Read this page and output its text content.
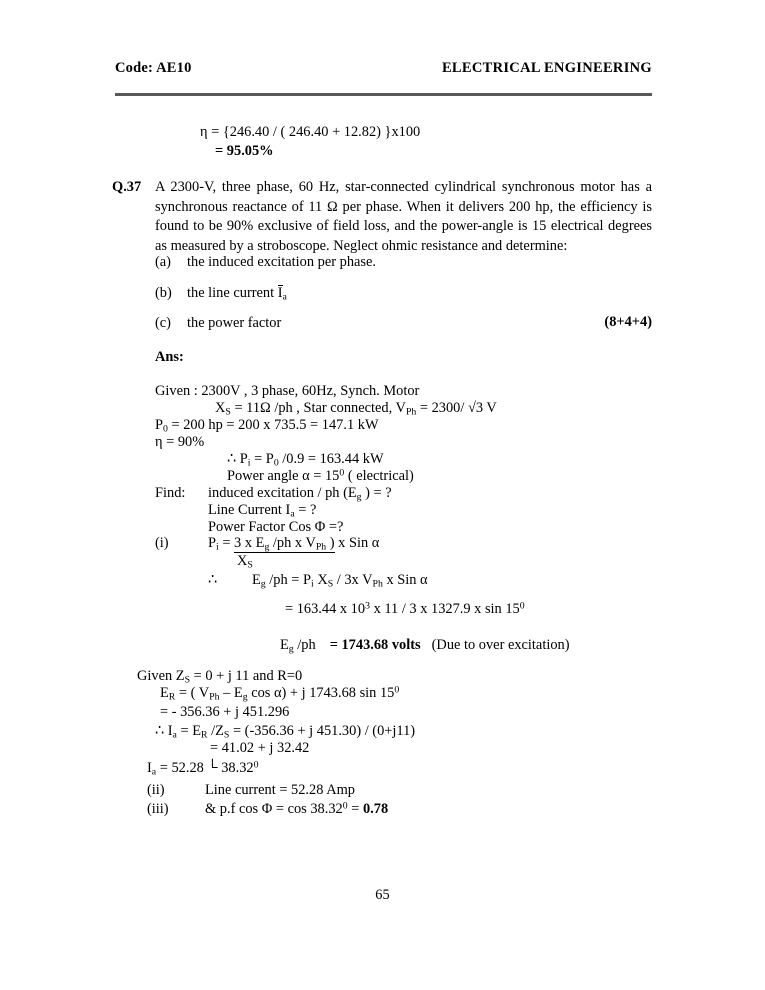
Code: AE10	ELECTRICAL ENGINEERING
η = {246.40 / ( 246.40 + 12.82) }x100
= 95.05%
Q.37 A 2300-V, three phase, 60 Hz, star-connected cylindrical synchronous motor has a synchronous reactance of 11 Ω per phase. When it delivers 200 hp, the efficiency is found to be 90% exclusive of field loss, and the power-angle is 15 electrical degrees as measured by a stroboscope. Neglect ohmic resistance and determine:
(a) the induced excitation per phase.
(b) the line current $I_a$
(c) the power factor	(8+4+4)
Ans:
Given : 2300V , 3 phase, 60Hz, Synch. Motor
$X_S = 11\Omega$ /ph , Star connected, $V_{Ph} = 2300/$ √3 V
$P_0 = 200$ hp = 200 x 735.5 = 147.1 kW
η = 90%
∴ $P_i = P_0$ /0.9 = 163.44 kW
Power angle $\alpha = 15^0$ ( electrical)
Find: induced excitation / ph ($E_g$ ) = ?
Line Current $I_a$ = ?
Power Factor Cos Φ =?
(i)	$P_i = 3$ x $E_g$ /ph x $V_{Ph}$ ) x Sin α
$X_S$
∴ $E_g$ $/ph = P_i$ $X_S / 3x$ $V_{Ph}$ x Sin α
= 163.44 x $10^3$ x 11 / 3 x 1327.9 x $\sin 15^0$
$E_g$ /ph = 1743.68 volts (Due to over excitation)
Given $Z_S = 0 + j$ 11 and R=0
$E_R$ = ( $V_{Ph} - E_g$ cos α) + j 1743.68 $\sin 15^0$
= - 356.36 + j 451.296
∴ $I_a = E_R$ $/Z_S = (-356.36 + j$ 451.30) / (0+j11)
= 41.02 + j 32.42
$I_a = 52.28$ └ 38.32$^0$
(ii)	Line current = 52.28 Amp
(iii)	& p.f $\cos \Phi = \cos 38.32^0 = 0.78$
65
